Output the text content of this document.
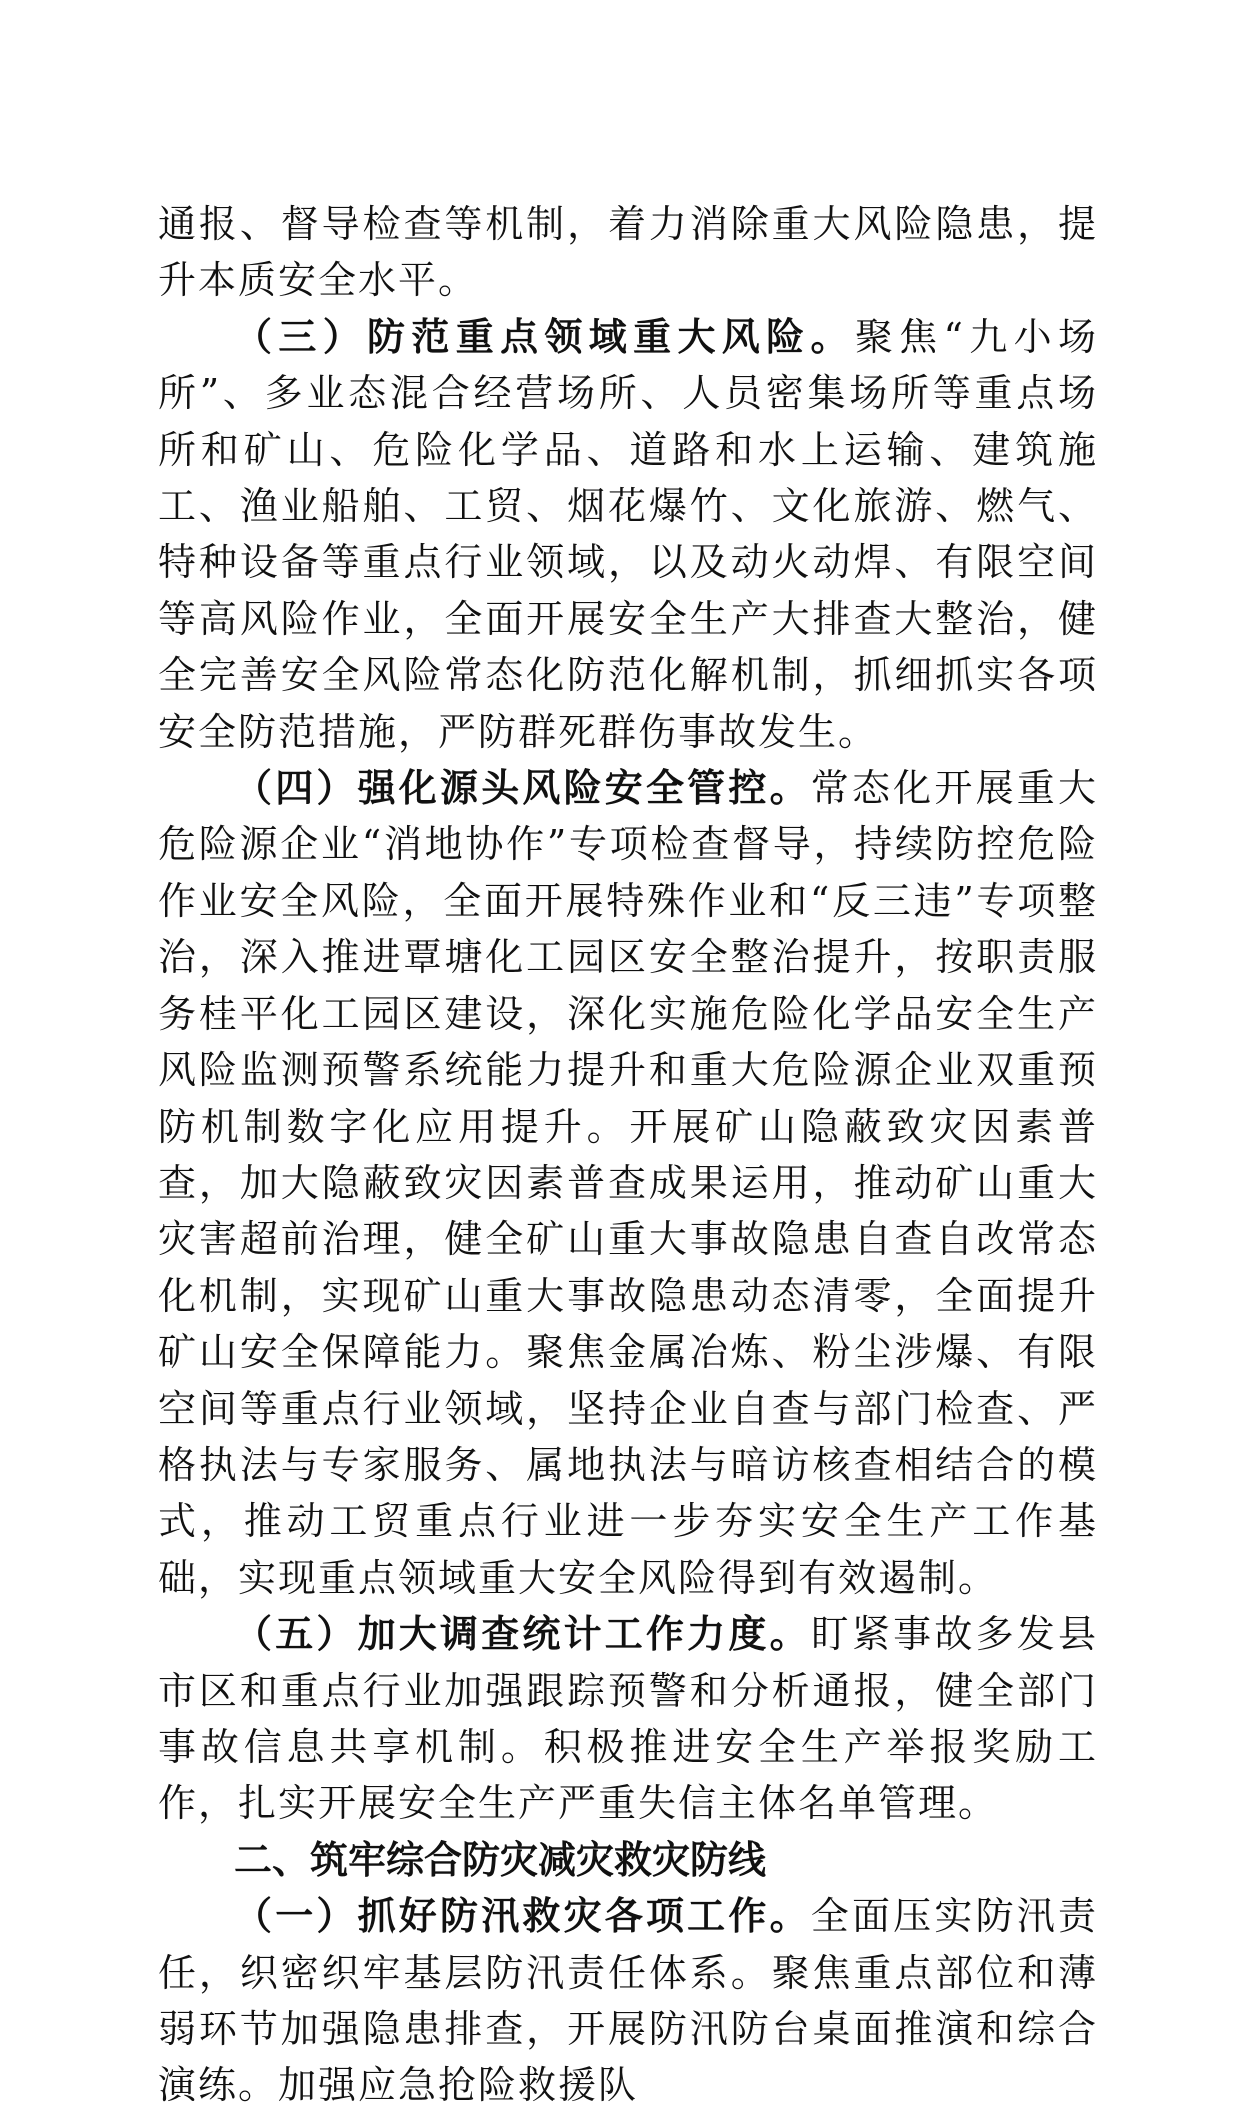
通报、督导检查等机制，着力消除重大风险隐患，提升本质安全水平。

（三）防范重点领域重大风险。聚焦“九小场所”、多业态混合经营场所、人员密集场所等重点场所和矿山、危险化学品、道路和水上运输、建筑施工、渔业船舶、工贸、烟花爆竹、文化旅游、燃气、特种设备等重点行业领域，以及动火动焊、有限空间等高风险作业，全面开展安全生产大排查大整治，健全完善安全风险常态化防范化解机制，抓细抓实各项安全防范措施，严防群死群伤事故发生。

（四）强化源头风险安全管控。常态化开展重大危险源企业“消地协作”专项检查督导，持续防控危险作业安全风险，全面开展特殊作业和“反三违”专项整治，深入推进覃塘化工园区安全整治提升，按职责服务桂平化工园区建设，深化实施危险化学品安全生产风险监测预警系统能力提升和重大危险源企业双重预防机制数字化应用提升。开展矿山隐蔽致灾因素普查，加大隐蔽致灾因素普查成果运用，推动矿山重大灾害超前治理，健全矿山重大事故隐患自查自改常态化机制，实现矿山重大事故隐患动态清零，全面提升矿山安全保障能力。聚焦金属冶炼、粉尘涉爆、有限空间等重点行业领域，坚持企业自查与部门检查、严格执法与专家服务、属地执法与暗访核查相结合的模式，推动工贸重点行业进一步夯实安全生产工作基础，实现重点领域重大安全风险得到有效遏制。

（五）加大调查统计工作力度。盯紧事故多发县市区和重点行业加强跟踪预警和分析通报，健全部门事故信息共享机制。积极推进安全生产举报奖励工作，扎实开展安全生产严重失信主体名单管理。

二、筑牢综合防灾减灾救灾防线

（一）抓好防汛救灾各项工作。全面压实防汛责任，织密织牢基层防汛责任体系。聚焦重点部位和薄弱环节加强隐患排查，开展防汛防台桌面推演和综合演练。加强应急抢险救援队
